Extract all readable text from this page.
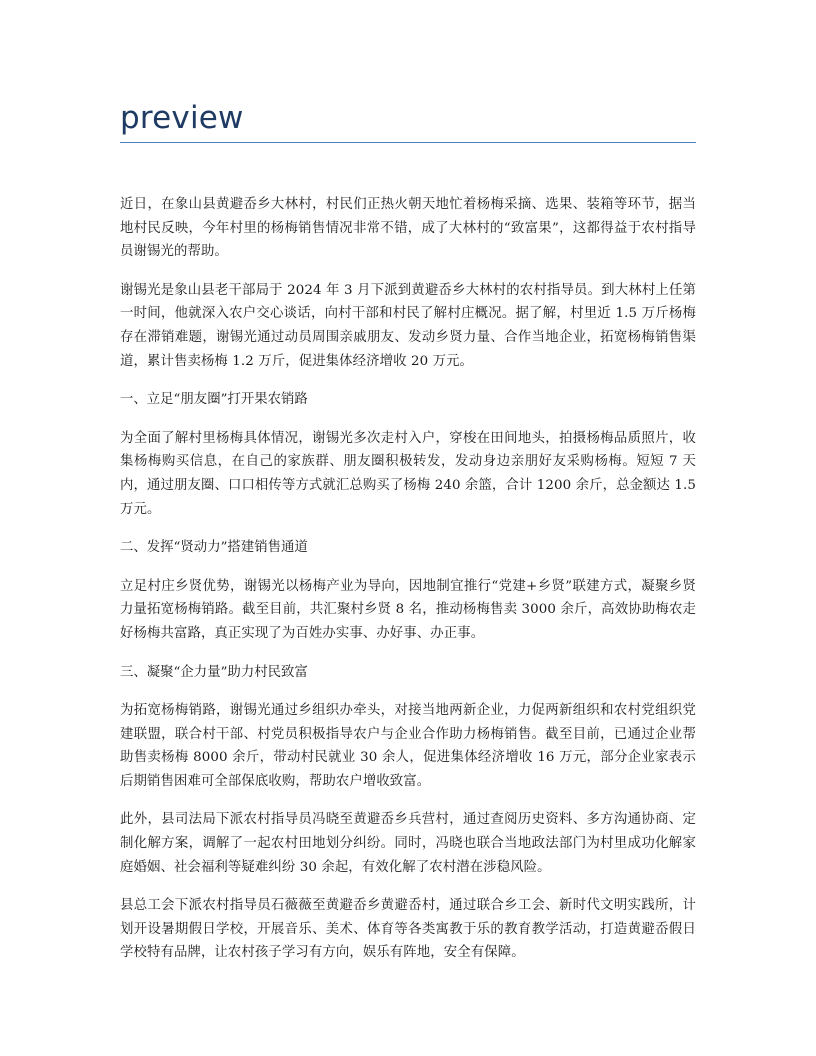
preview

近日，在象山县黄避岙乡大林村，村民们正热火朝天地忙着杨梅采摘、选果、装箱等环节，据当地村民反映，今年村里的杨梅销售情况非常不错，成了大林村的“致富果”，这都得益于农村指导员谢锡光的帮助。

谢锡光是象山县老干部局于 2024 年 3 月下派到黄避岙乡大林村的农村指导员。到大林村上任第一时间，他就深入农户交心谈话，向村干部和村民了解村庄概况。据了解，村里近 1.5 万斤杨梅存在滞销难题，谢锡光通过动员周围亲戚朋友、发动乡贤力量、合作当地企业，拓宽杨梅销售渠道，累计售卖杨梅 1.2 万斤，促进集体经济增收 20 万元。

一、立足“朋友圈”打开果农销路

为全面了解村里杨梅具体情况，谢锡光多次走村入户，穿梭在田间地头，拍摄杨梅品质照片，收集杨梅购买信息，在自己的家族群、朋友圈积极转发，发动身边亲朋好友采购杨梅。短短 7 天内，通过朋友圈、口口相传等方式就汇总购买了杨梅 240 余篮，合计 1200 余斤，总金额达 1.5 万元。

二、发挥“贤动力”搭建销售通道

立足村庄乡贤优势，谢锡光以杨梅产业为导向，因地制宜推行“党建+乡贤”联建方式，凝聚乡贤力量拓宽杨梅销路。截至目前，共汇聚村乡贤 8 名，推动杨梅售卖 3000 余斤，高效协助梅农走好杨梅共富路，真正实现了为百姓办实事、办好事、办正事。

三、凝聚“企力量”助力村民致富

为拓宽杨梅销路，谢锡光通过乡组织办牵头，对接当地两新企业，力促两新组织和农村党组织党建联盟，联合村干部、村党员积极指导农户与企业合作助力杨梅销售。截至目前，已通过企业帮助售卖杨梅 8000 余斤，带动村民就业 30 余人，促进集体经济增收 16 万元，部分企业家表示后期销售困难可全部保底收购，帮助农户增收致富。

此外，县司法局下派农村指导员冯晓至黄避岙乡兵营村，通过查阅历史资料、多方沟通协商、定制化解方案，调解了一起农村田地划分纠纷。同时，冯晓也联合当地政法部门为村里成功化解家庭婚姻、社会福利等疑难纠纷 30 余起，有效化解了农村潜在涉稳风险。

县总工会下派农村指导员石薇薇至黄避岙乡黄避岙村，通过联合乡工会、新时代文明实践所，计划开设暑期假日学校，开展音乐、美术、体育等各类寓教于乐的教育教学活动，打造黄避岙假日学校特有品牌，让农村孩子学习有方向，娱乐有阵地，安全有保障。
